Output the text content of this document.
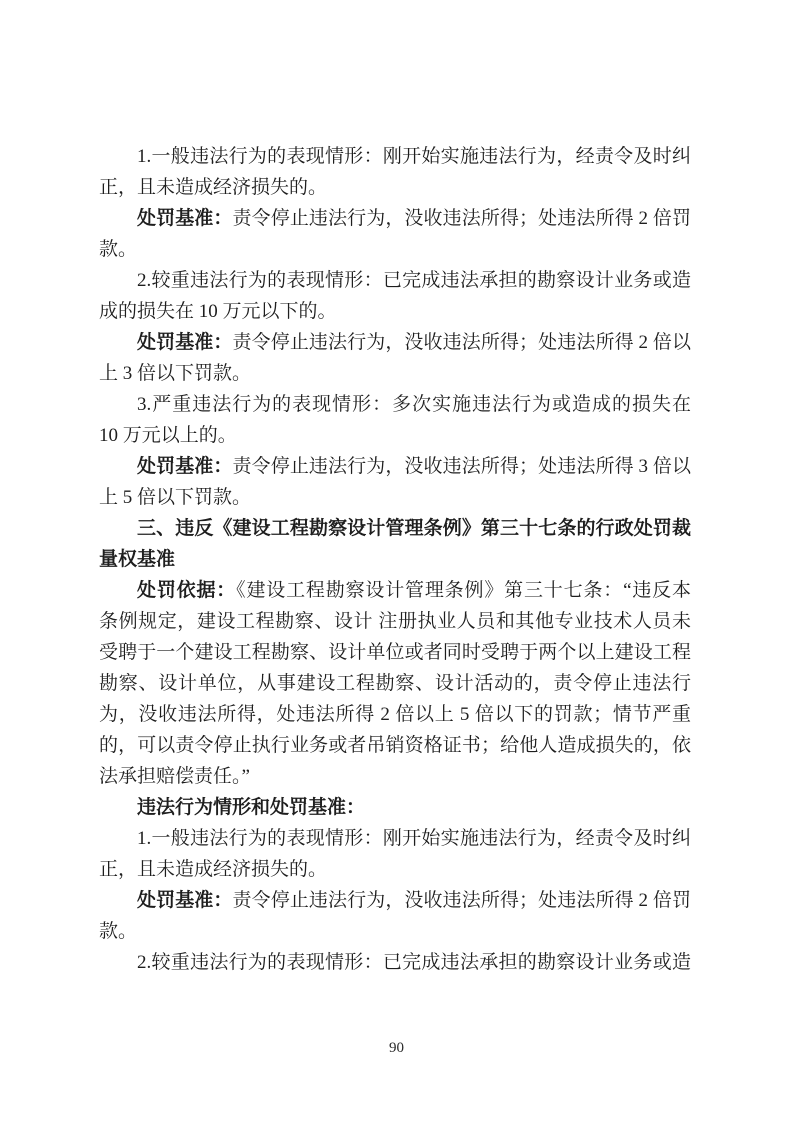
1.一般违法行为的表现情形：刚开始实施违法行为，经责令及时纠
正，且未造成经济损失的。
处罚基准：责令停止违法行为，没收违法所得；处违法所得 2 倍罚
款。
2.较重违法行为的表现情形：已完成违法承担的勘察设计业务或造
成的损失在 10 万元以下的。
处罚基准：责令停止违法行为，没收违法所得；处违法所得 2 倍以
上 3 倍以下罚款。
3.严重违法行为的表现情形：多次实施违法行为或造成的损失在
10 万元以上的。
处罚基准：责令停止违法行为，没收违法所得；处违法所得 3 倍以
上 5 倍以下罚款。
三、违反《建设工程勘察设计管理条例》第三十七条的行政处罚裁
量权基准
处罚依据：《建设工程勘察设计管理条例》第三十七条：“违反本
条例规定，建设工程勘察、设计 注册执业人员和其他专业技术人员未
受聘于一个建设工程勘察、设计单位或者同时受聘于两个以上建设工程
勘察、设计单位，从事建设工程勘察、设计活动的，责令停止违法行
为，没收违法所得，处违法所得 2 倍以上 5 倍以下的罚款；情节严重
的，可以责令停止执行业务或者吊销资格证书；给他人造成损失的，依
法承担赔偿责任。”
违法行为情形和处罚基准：
1.一般违法行为的表现情形：刚开始实施违法行为，经责令及时纠
正，且未造成经济损失的。
处罚基准：责令停止违法行为，没收违法所得；处违法所得 2 倍罚
款。
2.较重违法行为的表现情形：已完成违法承担的勘察设计业务或造
90
